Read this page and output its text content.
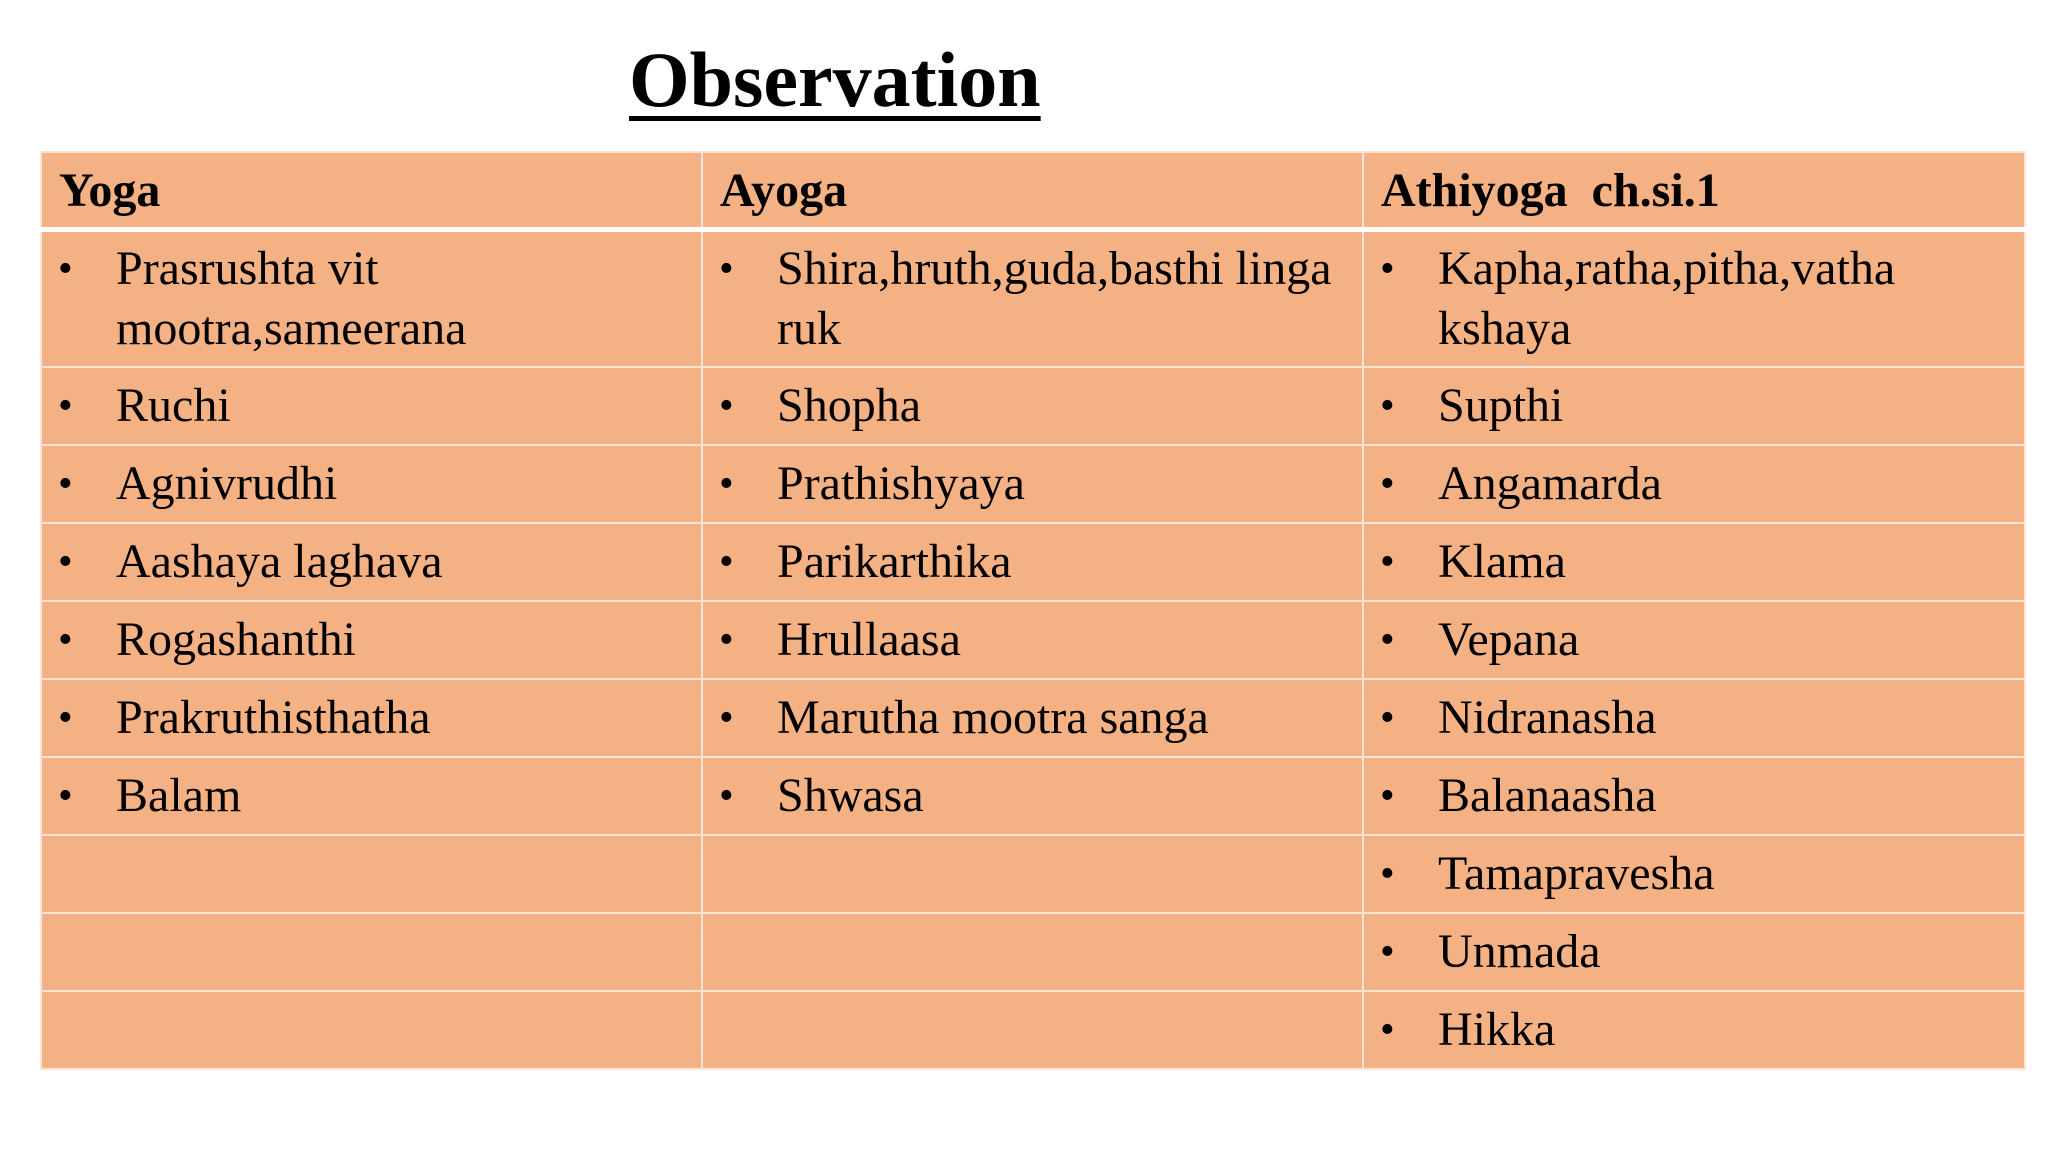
Observation
Yoga	Ayoga	Athiyoga  ch.si.1

• Prasrushta vit mootra,sameerana	• Shira,hruth,guda,basthi linga ruk	• Kapha,ratha,pitha,vatha kshaya

• Ruchi	• Shopha	• Supthi

• Agnivrudhi	• Prathishyaya	• Angamarda

• Aashaya laghava	• Parikarthika	• Klama

• Rogashanthi	• Hrullaasa	• Vepana

• Prakruthisthatha	• Marutha mootra sanga	• Nidranasha

• Balam	• Shwasa	• Balanaasha

		• Tamapravesha

		• Unmada

		• Hikka
